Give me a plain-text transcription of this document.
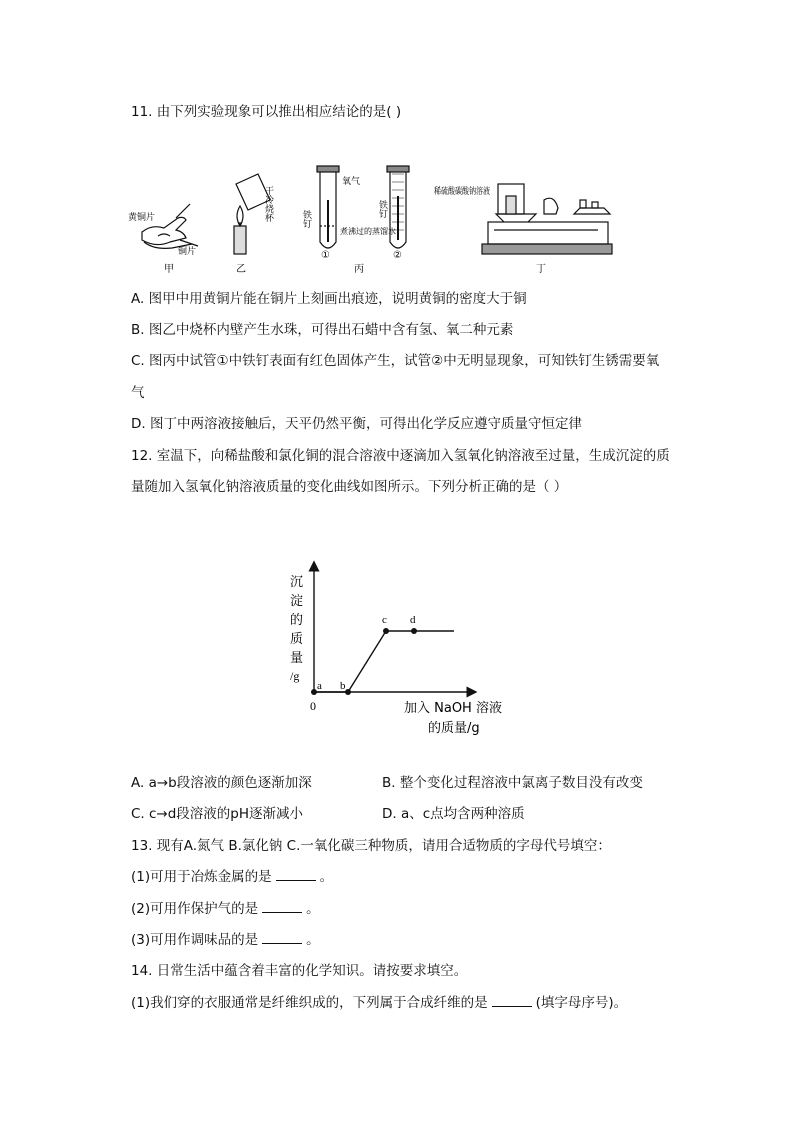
11. 由下列实验现象可以推出相应结论的是( )
黄铜片
铜片
甲
干冷烧杯
乙
氧气
铁钉
铁钉
煮沸过的蒸馏水
①	②
丙
稀硫酸碳酸钠溶液
丁
A. 图甲中用黄铜片能在铜片上刻画出痕迹，说明黄铜的密度大于铜
B. 图乙中烧杯内壁产生水珠，可得出石蜡中含有氢、氧二种元素
C. 图丙中试管①中铁钉表面有红色固体产生，试管②中无明显现象，可知铁钉生锈需要氧
气
D. 图丁中两溶液接触后，天平仍然平衡，可得出化学反应遵守质量守恒定律
12. 室温下，向稀盐酸和氯化铜的混合溶液中逐滴加入氢氧化钠溶液至过量，生成沉淀的质
量随加入氢氧化钠溶液质量的变化曲线如图所示。下列分析正确的是（ ）
a b
c d
0
沉
淀
的
质
量
/g
加入 NaOH 溶液
的质量/g
A. a→b段溶液的颜色逐渐加深	B. 整个变化过程溶液中氯离子数目没有改变
C. c→d段溶液的pH逐渐减小	D. a、c点均含两种溶质
13. 现有A.氮气 B.氯化钠 C.一氧化碳三种物质，请用合适物质的字母代号填空：
(1)可用于冶炼金属的是	。
(2)可用作保护气的是	。
(3)可用作调味品的是	。
14. 日常生活中蕴含着丰富的化学知识。请按要求填空。
(1)我们穿的衣服通常是纤维织成的，下列属于合成纤维的是	(填字母序号)。
